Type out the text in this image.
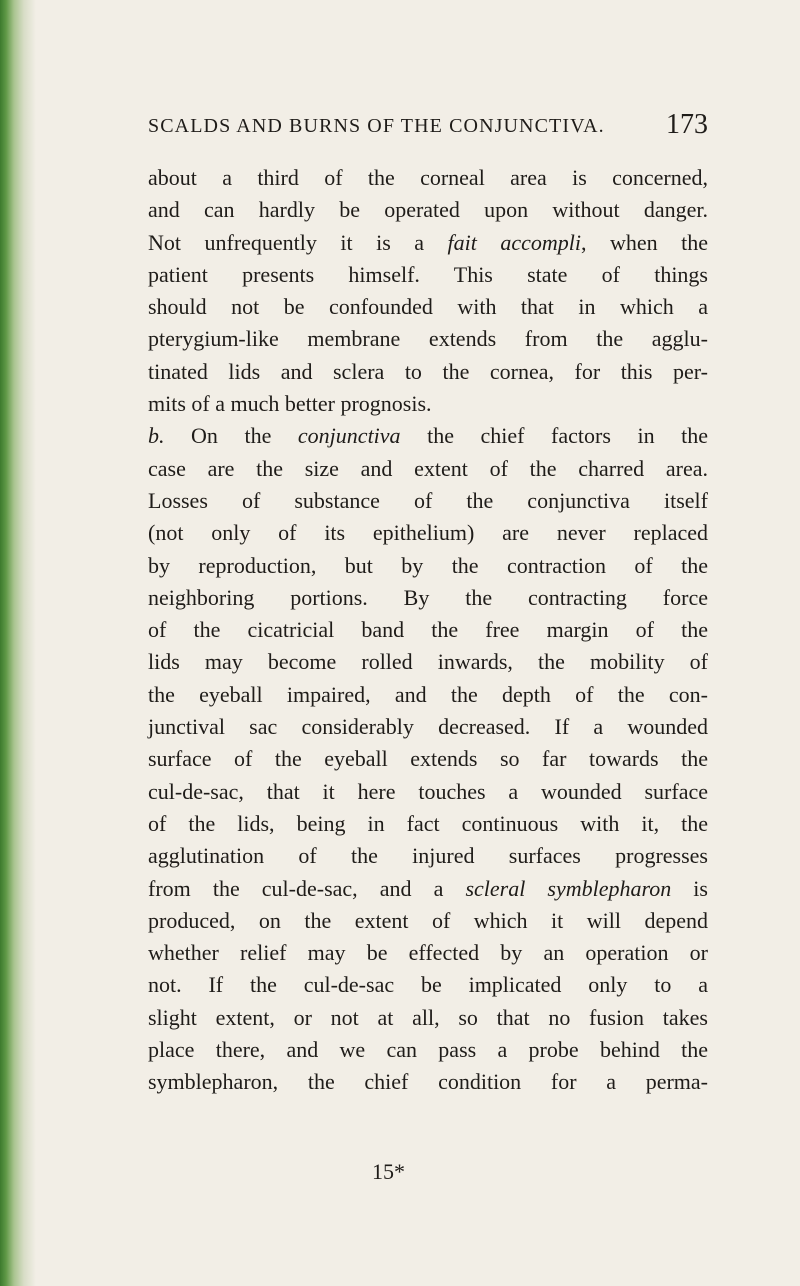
SCALDS AND BURNS OF THE CONJUNCTIVA. 173
about a third of the corneal area is concerned,
and can hardly be operated upon without danger.
Not unfrequently it is a fait accompli, when the
patient presents himself. This state of things
should not be confounded with that in which a
pterygium-like membrane extends from the agglu-
tinated lids and sclera to the cornea, for this per-
mits of a much better prognosis.
b. On the conjunctiva the chief factors in the
case are the size and extent of the charred area.
Losses of substance of the conjunctiva itself
(not only of its epithelium) are never replaced
by reproduction, but by the contraction of the
neighboring portions. By the contracting force
of the cicatricial band the free margin of the
lids may become rolled inwards, the mobility of
the eyeball impaired, and the depth of the con-
junctival sac considerably decreased. If a wounded
surface of the eyeball extends so far towards the
cul-de-sac, that it here touches a wounded surface
of the lids, being in fact continuous with it, the
agglutination of the injured surfaces progresses
from the cul-de-sac, and a scleral symblepharon is
produced, on the extent of which it will depend
whether relief may be effected by an operation or
not. If the cul-de-sac be implicated only to a
slight extent, or not at all, so that no fusion takes
place there, and we can pass a probe behind the
symblepharon, the chief condition for a perma-
15*
